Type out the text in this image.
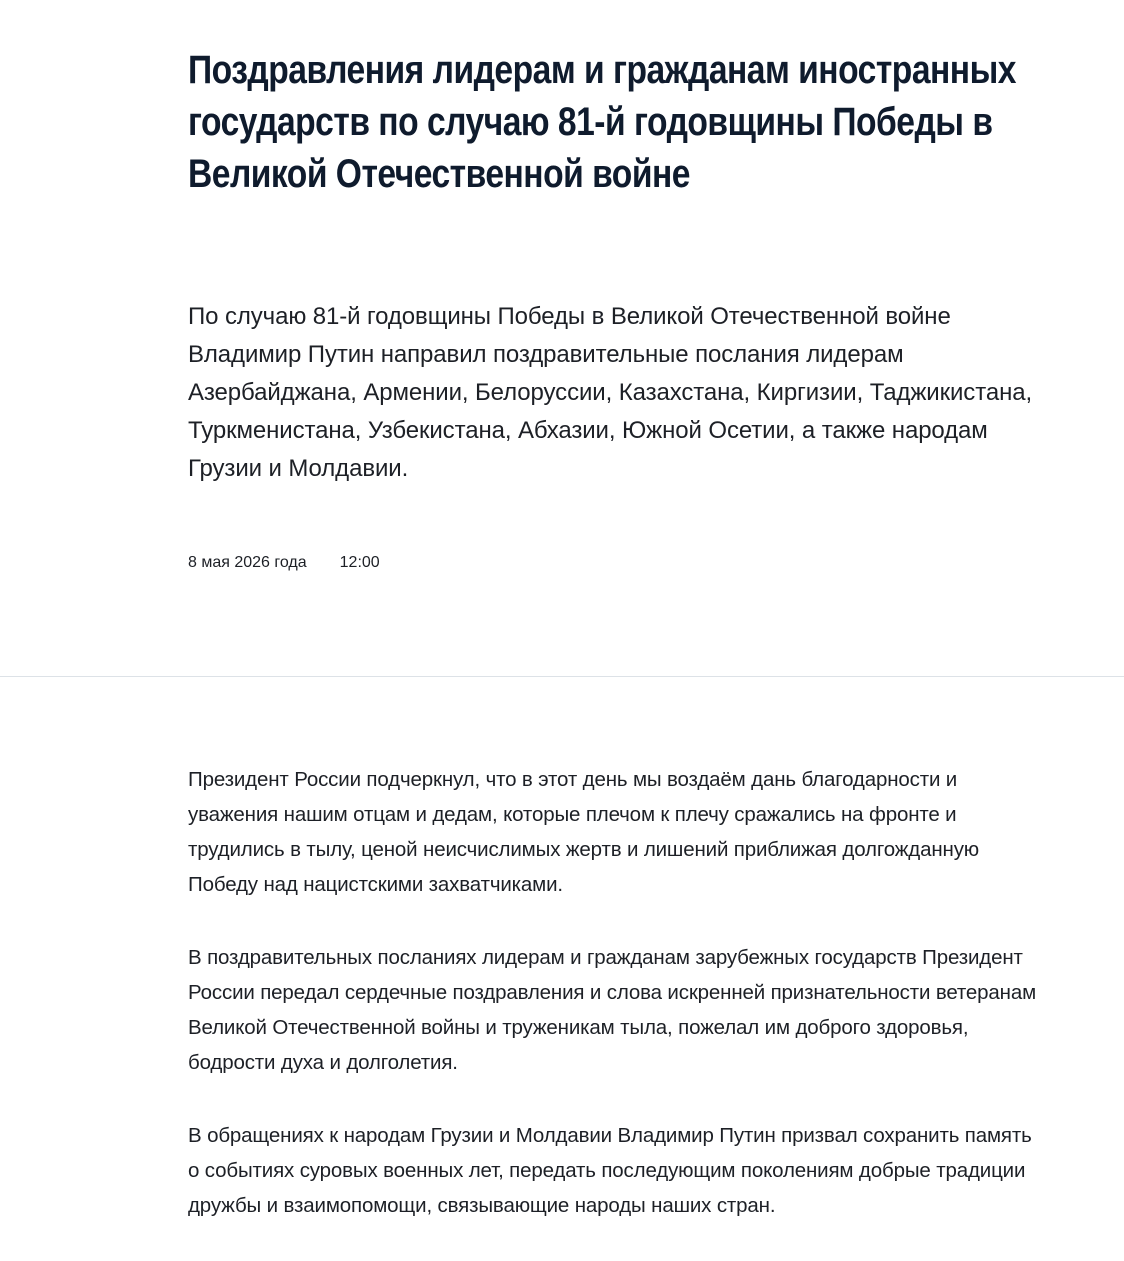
Поздравления лидерам и гражданам иностранных государств по случаю 81-й годовщины Победы в Великой Отечественной войне

По случаю 81-й годовщины Победы в Великой Отечественной войне Владимир Путин направил поздравительные послания лидерам Азербайджана, Армении, Белоруссии, Казахстана, Киргизии, Таджикистана, Туркменистана, Узбекистана, Абхазии, Южной Осетии, а также народам Грузии и Молдавии.

8 мая 2026 года 12:00

Президент России подчеркнул, что в этот день мы воздаём дань благодарности и уважения нашим отцам и дедам, которые плечом к плечу сражались на фронте и трудились в тылу, ценой неисчислимых жертв и лишений приближая долгожданную Победу над нацистскими захватчиками.

В поздравительных посланиях лидерам и гражданам зарубежных государств Президент России передал сердечные поздравления и слова искренней признательности ветеранам Великой Отечественной войны и труженикам тыла, пожелал им доброго здоровья, бодрости духа и долголетия.

В обращениях к народам Грузии и Молдавии Владимир Путин призвал сохранить память о событиях суровых военных лет, передать последующим поколениям добрые традиции дружбы и взаимопомощи, связывающие народы наших стран.
